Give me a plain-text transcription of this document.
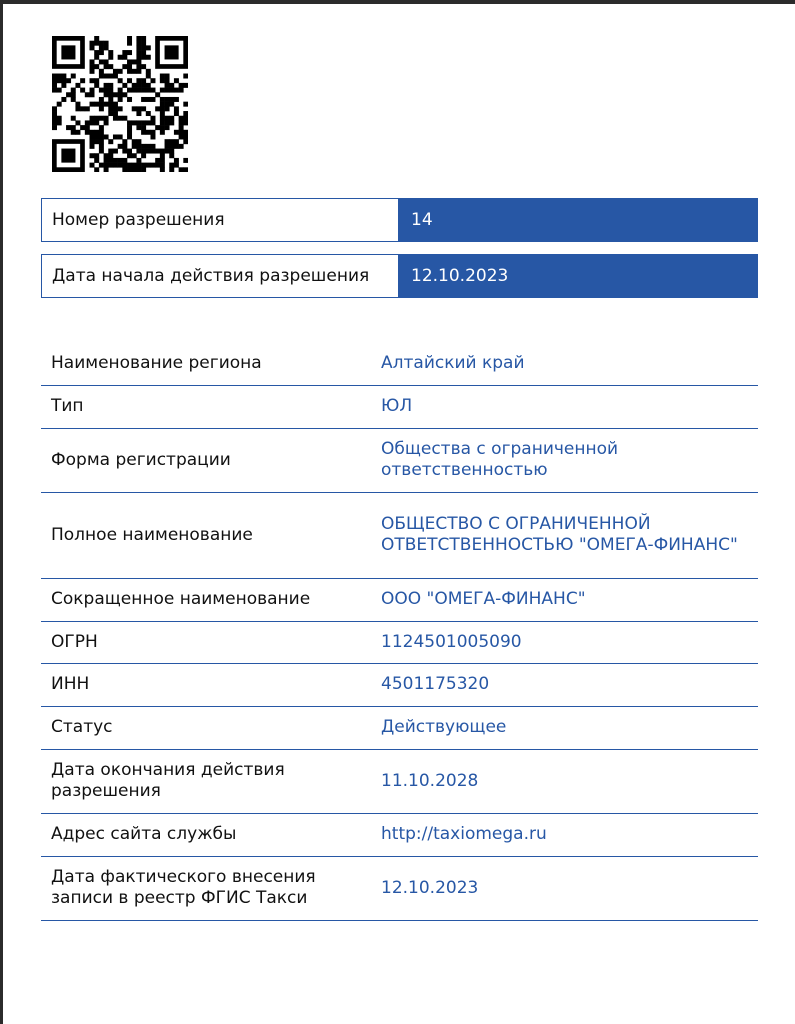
Номер разрешения	14
Дата начала действия разрешения	12.10.2023
Наименование региона	Алтайский край
Тип	ЮЛ
Форма регистрации	Общества с ограниченной ответственностью
Полное наименование	ОБЩЕСТВО С ОГРАНИЧЕННОЙ ОТВЕТСТВЕННОСТЬЮ "ОМЕГА-ФИНАНС"
Сокращенное наименование	ООО "ОМЕГА-ФИНАНС"
ОГРН	1124501005090
ИНН	4501175320
Статус	Действующее
Дата окончания действия разрешения	11.10.2028
Адрес сайта службы	http://taxiomega.ru
Дата фактического внесения записи в реестр ФГИС Такси	12.10.2023
